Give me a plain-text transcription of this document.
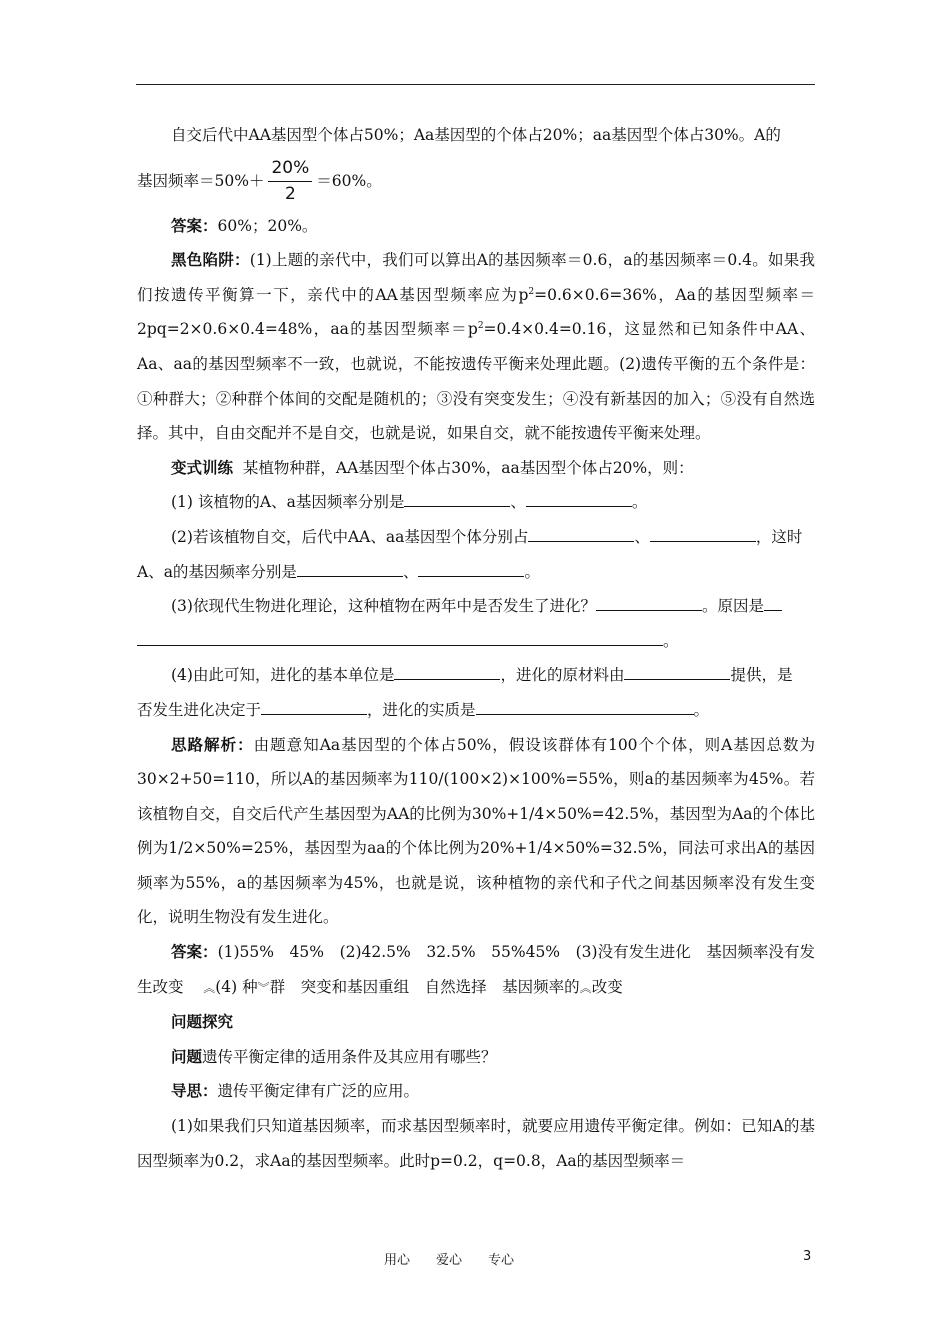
自交后代中AA基因型个体占50%；Aa基因型的个体占20%；aa基因型个体占30%。A的

基因频率$=50\%+ \frac{20\%}{2} =60\%$。

答案：60%；20%。

黑色陷阱：(1)上题的亲代中，我们可以算出A的基因频率＝0.6，a的基因频率＝0.4。如果我们按遗传平衡算一下，亲代中的AA基因型频率应为$p^2=0.6\times 0.6=36\%$，Aa的基因型频率＝2pq=2×0.6×0.4=48%，aa的基因型频率$=p^2=0.4\times 0.4=0.16$，这显然和已知条件中AA、Aa、aa的基因型频率不一致，也就说，不能按遗传平衡来处理此题。(2)遗传平衡的五个条件是：①种群大；②种群个体间的交配是随机的；③没有突变发生；④没有新基因的加入；⑤没有自然选择。其中，自由交配并不是自交，也就是说，如果自交，就不能按遗传平衡来处理。

变式训练 某植物种群，AA基因型个体占30%，aa基因型个体占20%，则：

(1) 该植物的A、a基因频率分别是	、	。

(2)若该植物自交，后代中AA、aa基因型个体分别占	、	，这时
A、a的基因频率分别是	、	。

(3)依现代生物进化理论，这种植物在两年中是否发生了进化？	。原因是
。

(4)由此可知，进化的基本单位是	，进化的原材料由	提供，是
否发生进化决定于	，进化的实质是	。

思路解析：由题意知Aa基因型的个体占50%，假设该群体有100个个体，则A基因总数为30×2+50=110，所以A的基因频率为110/(100×2)×100%=55%，则a的基因频率为45%。若该植物自交，自交后代产生基因型为AA的比例为30%+1/4×50%=42.5%，基因型为Aa的个体比例为1/2×50%=25%，基因型为aa的个体比例为20%+1/4×50%=32.5%，同法可求出A的基因频率为55%，a的基因频率为45%，也就是说，该种植物的亲代和子代之间基因频率没有发生变化，说明生物没有发生进化。

答案：(1)55%　45%　(2)42.5%　32.5%　55%45%　(3)没有发生进化　基因频率没有发生改变 ︽(4) 种︾群　突变和基因重组　自然选择　基因频率的︽改变

问题探究

问题遗传平衡定律的适用条件及其应用有哪些？

导思：遗传平衡定律有广泛的应用。

(1)如果我们只知道基因频率，而求基因型频率时，就要应用遗传平衡定律。例如：已知A的基因型频率为0.2，求Aa的基因型频率。此时p=0.2，q=0.8，Aa的基因型频率＝

用心　　爱心　　专心	3
